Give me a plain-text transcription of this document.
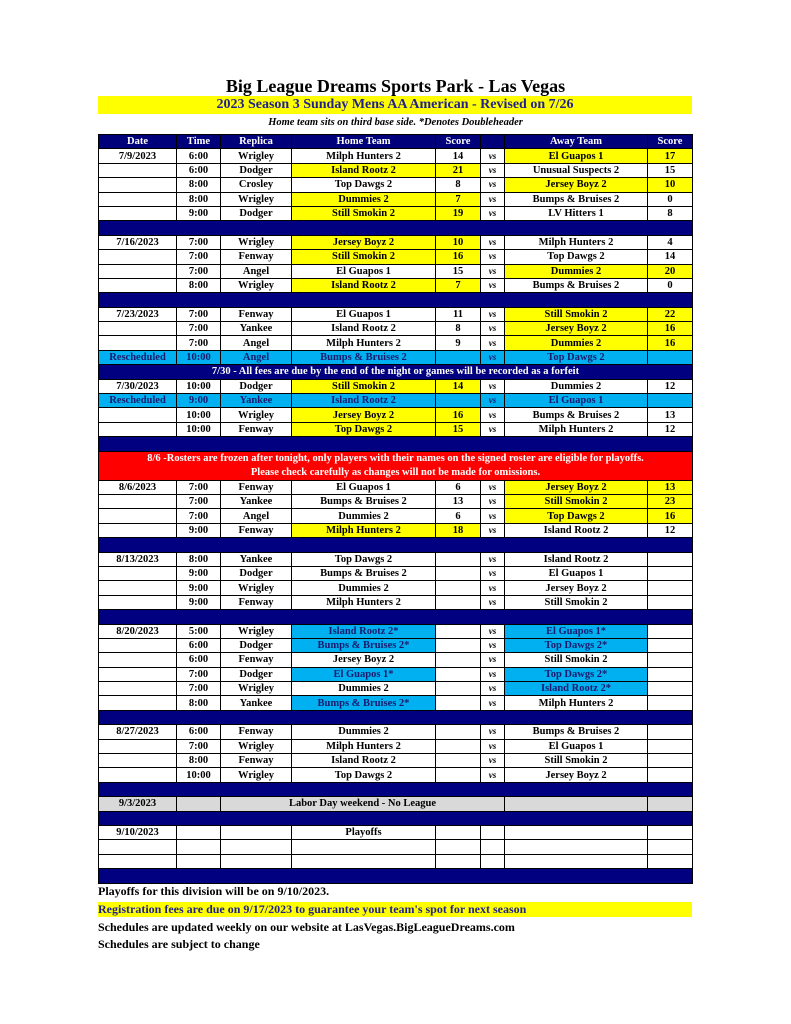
Big League Dreams Sports Park - Las Vegas
2023 Season 3 Sunday Mens AA American - Revised on 7/26
Home team sits on third base side. *Denotes Doubleheader
Date	Time	Replica	Home Team	Score		Away Team	Score
7/9/2023	6:00	Wrigley	Milph Hunters 2	14	vs	El Guapos 1	17
	6:00	Dodger	Island Rootz 2	21	vs	Unusual Suspects 2	15
	8:00	Crosley	Top Dawgs 2	8	vs	Jersey Boyz 2	10
	8:00	Wrigley	Dummies 2	7	vs	Bumps & Bruises 2	0
	9:00	Dodger	Still Smokin 2	19	vs	LV Hitters 1	8

7/16/2023	7:00	Wrigley	Jersey Boyz 2	10	vs	Milph Hunters 2	4
	7:00	Fenway	Still Smokin 2	16	vs	Top Dawgs 2	14
	7:00	Angel	El Guapos 1	15	vs	Dummies 2	20
	8:00	Wrigley	Island Rootz 2	7	vs	Bumps & Bruises 2	0

7/23/2023	7:00	Fenway	El Guapos 1	11	vs	Still Smokin 2	22
	7:00	Yankee	Island Rootz 2	8	vs	Jersey Boyz 2	16
	7:00	Angel	Milph Hunters 2	9	vs	Dummies 2	16
Rescheduled	10:00	Angel	Bumps & Bruises 2		vs	Top Dawgs 2	
7/30 - All fees are due by the end of the night or games will be recorded as a forfeit							
7/30/2023	10:00	Dodger	Still Smokin 2	14	vs	Dummies 2	12
Rescheduled	9:00	Yankee	Island Rootz 2		vs	El Guapos 1	
	10:00	Wrigley	Jersey Boyz 2	16	vs	Bumps & Bruises 2	13
	10:00	Fenway	Top Dawgs 2	15	vs	Milph Hunters 2	12

8/6 -Rosters are frozen after tonight, only players with their names on the signed roster are eligible for playoffs.
Please check carefully as changes will not be made for omissions.							
8/6/2023	7:00	Fenway	El Guapos 1	6	vs	Jersey Boyz 2	13
	7:00	Yankee	Bumps & Bruises 2	13	vs	Still Smokin 2	23
	7:00	Angel	Dummies 2	6	vs	Top Dawgs 2	16
	9:00	Fenway	Milph Hunters 2	18	vs	Island Rootz 2	12

8/13/2023	8:00	Yankee	Top Dawgs 2		vs	Island Rootz 2	
	9:00	Dodger	Bumps & Bruises 2		vs	El Guapos 1	
	9:00	Wrigley	Dummies 2		vs	Jersey Boyz 2	
	9:00	Fenway	Milph Hunters 2		vs	Still Smokin 2	

8/20/2023	5:00	Wrigley	Island Rootz 2*		vs	El Guapos 1*	
	6:00	Dodger	Bumps & Bruises 2*		vs	Top Dawgs 2*	
	6:00	Fenway	Jersey Boyz 2		vs	Still Smokin 2	
	7:00	Dodger	El Guapos 1*		vs	Top Dawgs 2*	
	7:00	Wrigley	Dummies 2		vs	Island Rootz 2*	
	8:00	Yankee	Bumps & Bruises 2*		vs	Milph Hunters 2	

8/27/2023	6:00	Fenway	Dummies 2		vs	Bumps & Bruises 2	
	7:00	Wrigley	Milph Hunters 2		vs	El Guapos 1	
	8:00	Fenway	Island Rootz 2		vs	Still Smokin 2	
	10:00	Wrigley	Top Dawgs 2		vs	Jersey Boyz 2	

9/3/2023		Labor Day weekend - No League					

9/10/2023			Playoffs				

Playoffs for this division will be on 9/10/2023.
Registration fees are due on 9/17/2023 to guarantee your team's spot for next season
Schedules are updated weekly on our website at LasVegas.BigLeagueDreams.com
Schedules are subject to change
